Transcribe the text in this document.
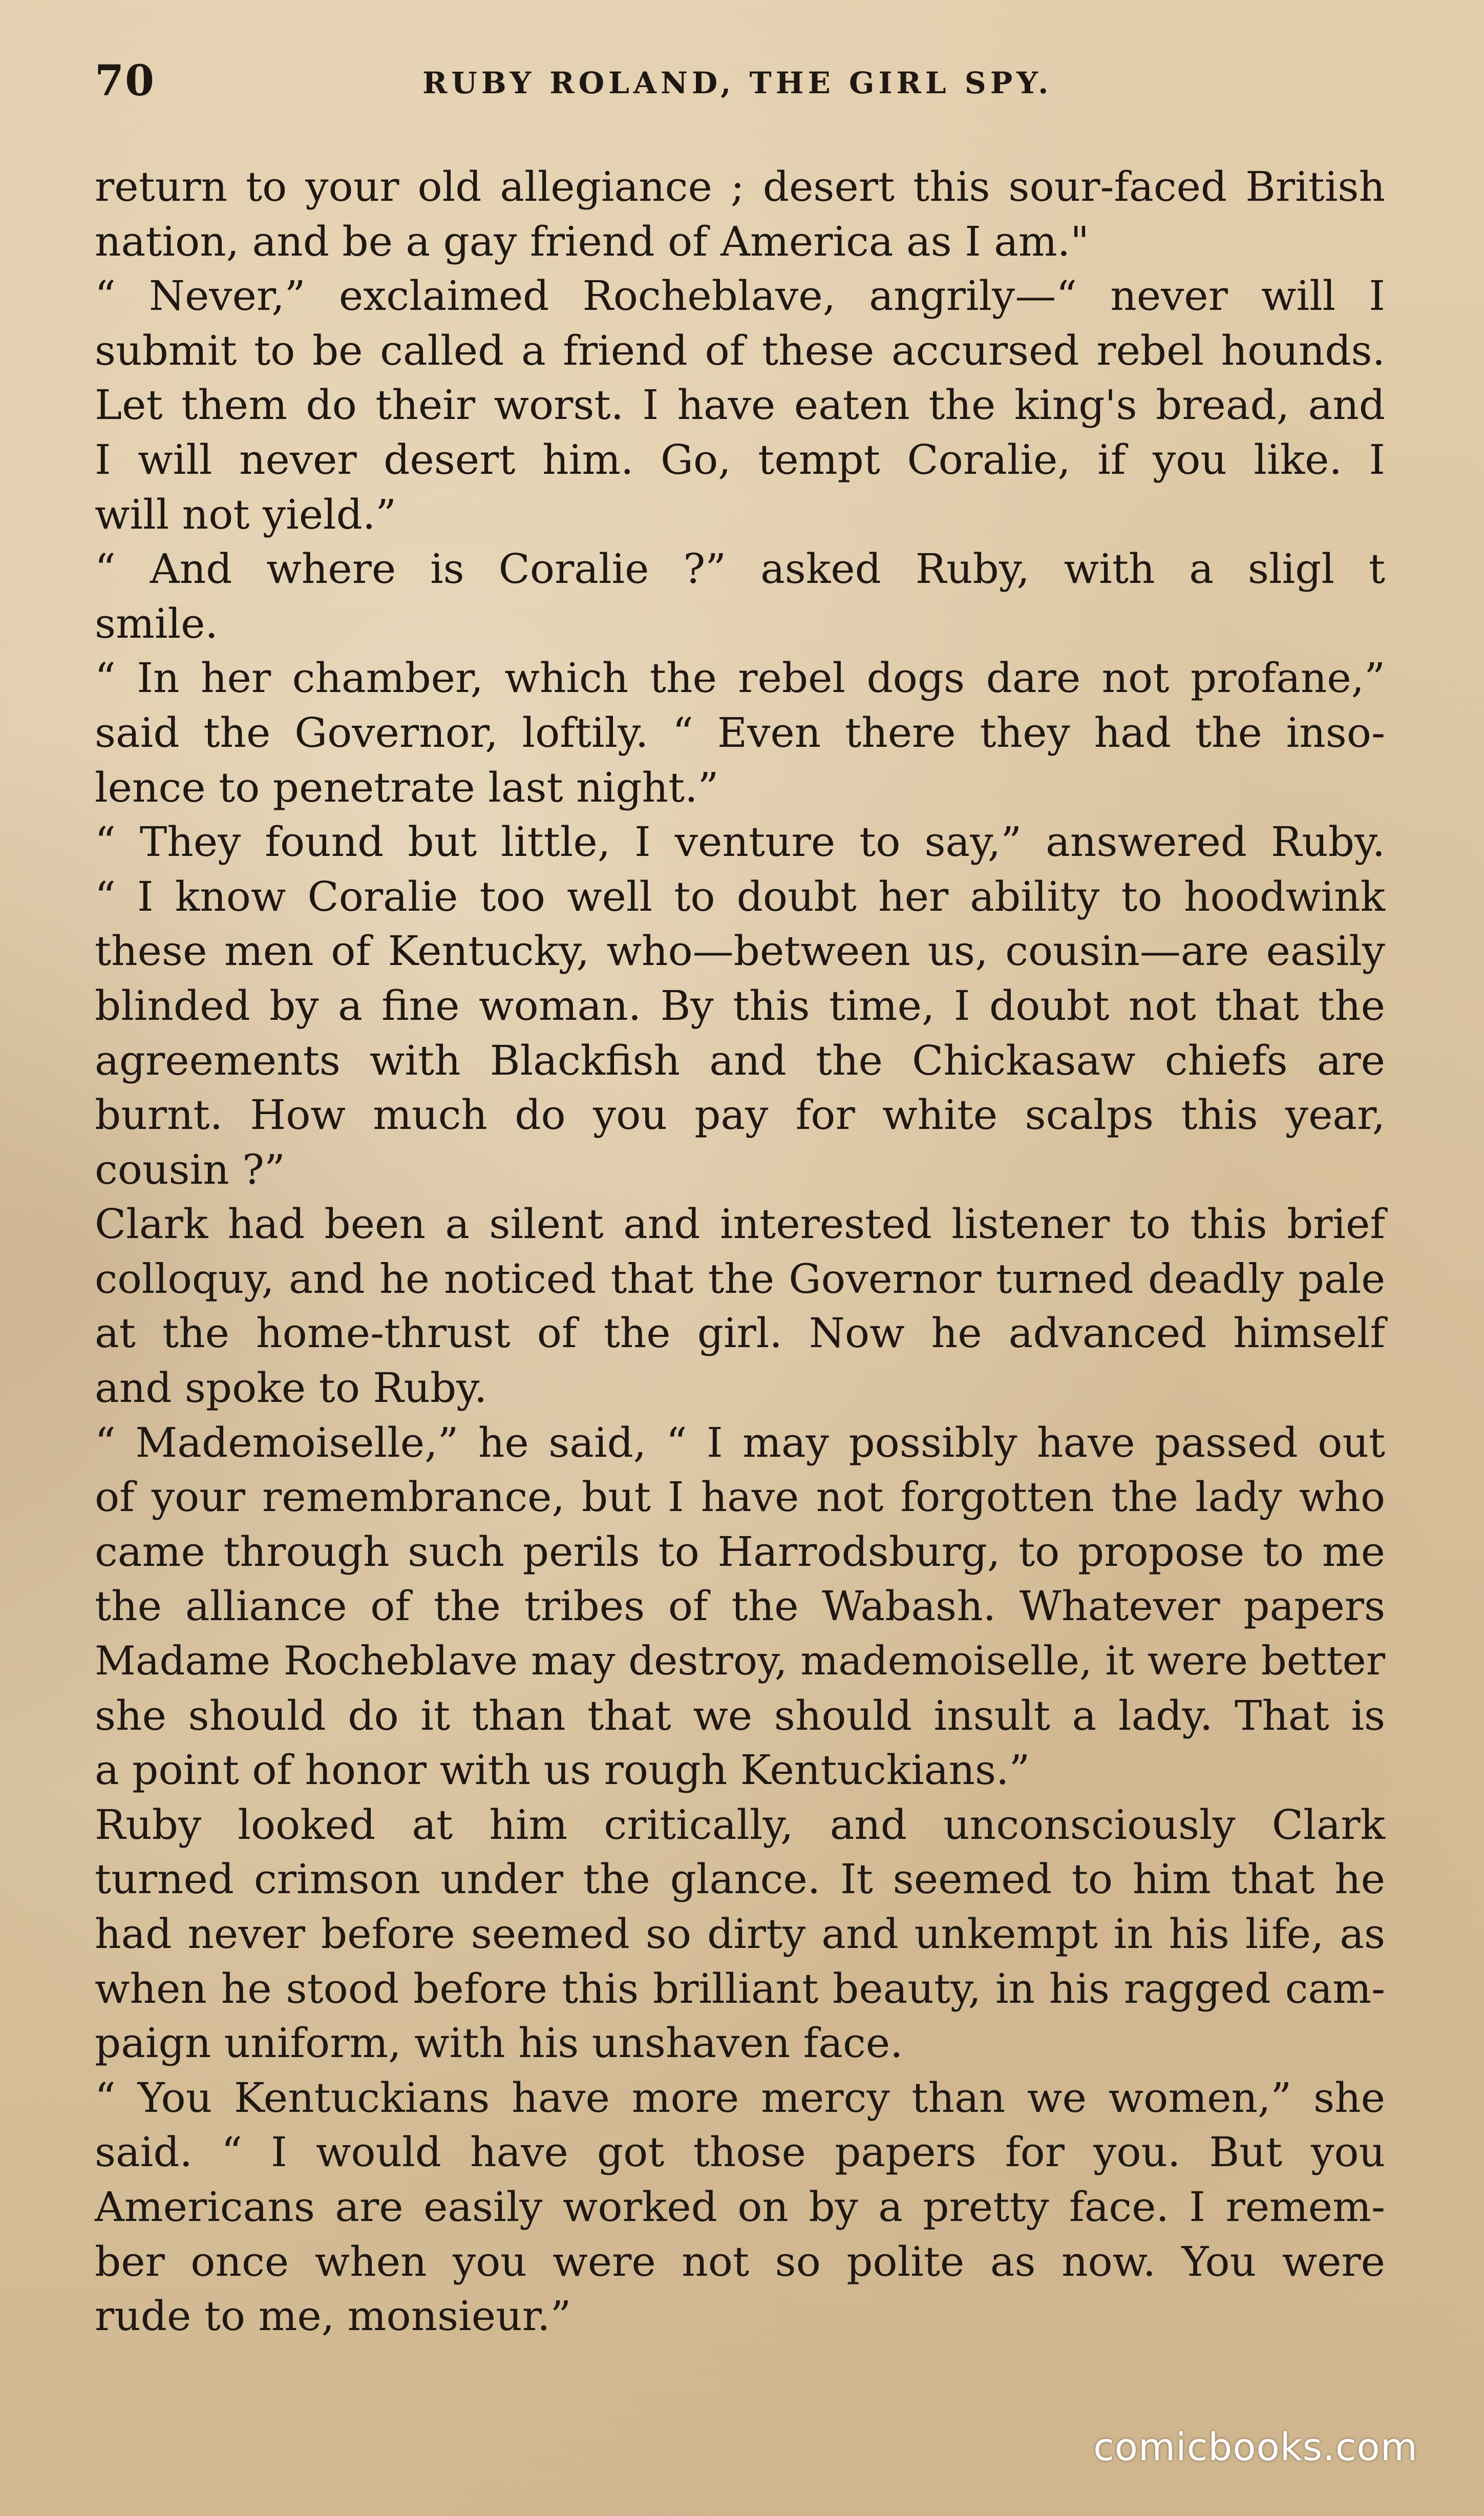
70	RUBY ROLAND, THE GIRL SPY.
return to your old allegiance ; desert this sour-faced British
nation, and be a gay friend of America as I am."
“ Never,” exclaimed Rocheblave, angrily—“ never will I
submit to be called a friend of these accursed rebel hounds.
Let them do their worst. I have eaten the king's bread, and
I will never desert him. Go, tempt Coralie, if you like. I
will not yield.”
“ And where is Coralie ?” asked Ruby, with a sligl t
smile.
“ In her chamber, which the rebel dogs dare not profane,”
said the Governor, loftily. “ Even there they had the inso-
lence to penetrate last night.”
“ They found but little, I venture to say,” answered Ruby.
“ I know Coralie too well to doubt her ability to hoodwink
these men of Kentucky, who—between us, cousin—are easily
blinded by a fine woman. By this time, I doubt not that the
agreements with Blackfish and the Chickasaw chiefs are
burnt. How much do you pay for white scalps this year,
cousin ?”
Clark had been a silent and interested listener to this brief
colloquy, and he noticed that the Governor turned deadly pale
at the home-thrust of the girl. Now he advanced himself
and spoke to Ruby.
“ Mademoiselle,” he said, “ I may possibly have passed out
of your remembrance, but I have not forgotten the lady who
came through such perils to Harrodsburg, to propose to me
the alliance of the tribes of the Wabash. Whatever papers
Madame Rocheblave may destroy, mademoiselle, it were better
she should do it than that we should insult a lady. That is
a point of honor with us rough Kentuckians.”
Ruby looked at him critically, and unconsciously Clark
turned crimson under the glance. It seemed to him that he
had never before seemed so dirty and unkempt in his life, as
when he stood before this brilliant beauty, in his ragged cam-
paign uniform, with his unshaven face.
“ You Kentuckians have more mercy than we women,” she
said. “ I would have got those papers for you. But you
Americans are easily worked on by a pretty face. I remem-
ber once when you were not so polite as now. You were
rude to me, monsieur.”
comicbooks.com
